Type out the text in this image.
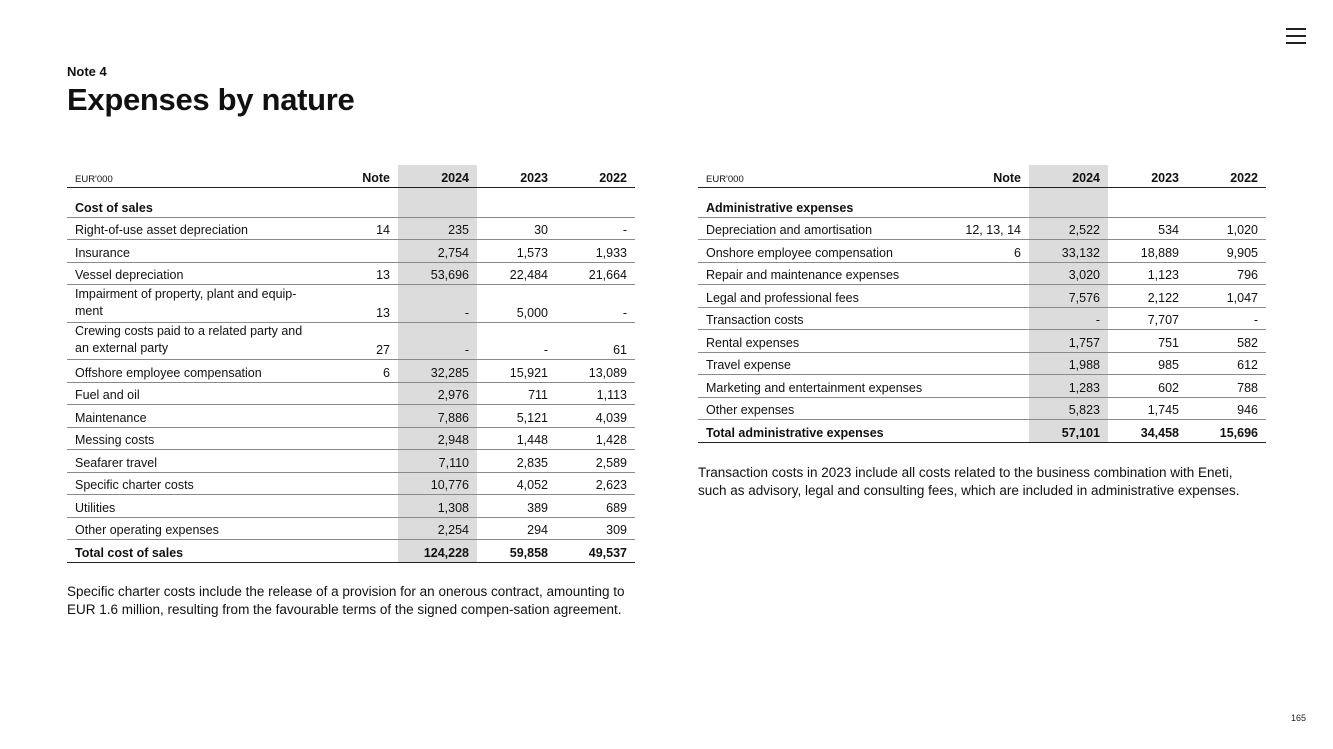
Note 4
Expenses by nature
EUR'000	Note	2024	2023	2022
Cost of sales				
Right-of-use asset depreciation	14	235	30	-
Insurance		2,754	1,573	1,933
Vessel depreciation	13	53,696	22,484	21,664
Impairment of property, plant and equip-ment	13	-	5,000	-
Crewing costs paid to a related party and an external party	27	-	-	61
Offshore employee compensation	6	32,285	15,921	13,089
Fuel and oil		2,976	711	1,113
Maintenance		7,886	5,121	4,039
Messing costs		2,948	1,448	1,428
Seafarer travel		7,110	2,835	2,589
Specific charter costs		10,776	4,052	2,623
Utilities		1,308	389	689
Other operating expenses		2,254	294	309
Total cost of sales		124,228	59,858	49,537

Specific charter costs include the release of a provision for an onerous contract, amounting to EUR 1.6 million, resulting from the favourable terms of the signed compen-sation agreement.

EUR'000	Note	2024	2023	2022
Administrative expenses				
Depreciation and amortisation	12, 13, 14	2,522	534	1,020
Onshore employee compensation	6	33,132	18,889	9,905
Repair and maintenance expenses		3,020	1,123	796
Legal and professional fees		7,576	2,122	1,047
Transaction costs		-	7,707	-
Rental expenses		1,757	751	582
Travel expense		1,988	985	612
Marketing and entertainment expenses		1,283	602	788
Other expenses		5,823	1,745	946
Total administrative expenses		57,101	34,458	15,696

Transaction costs in 2023 include all costs related to the business combination with Eneti, such as advisory, legal and consulting fees, which are included in administrative expenses.

165
